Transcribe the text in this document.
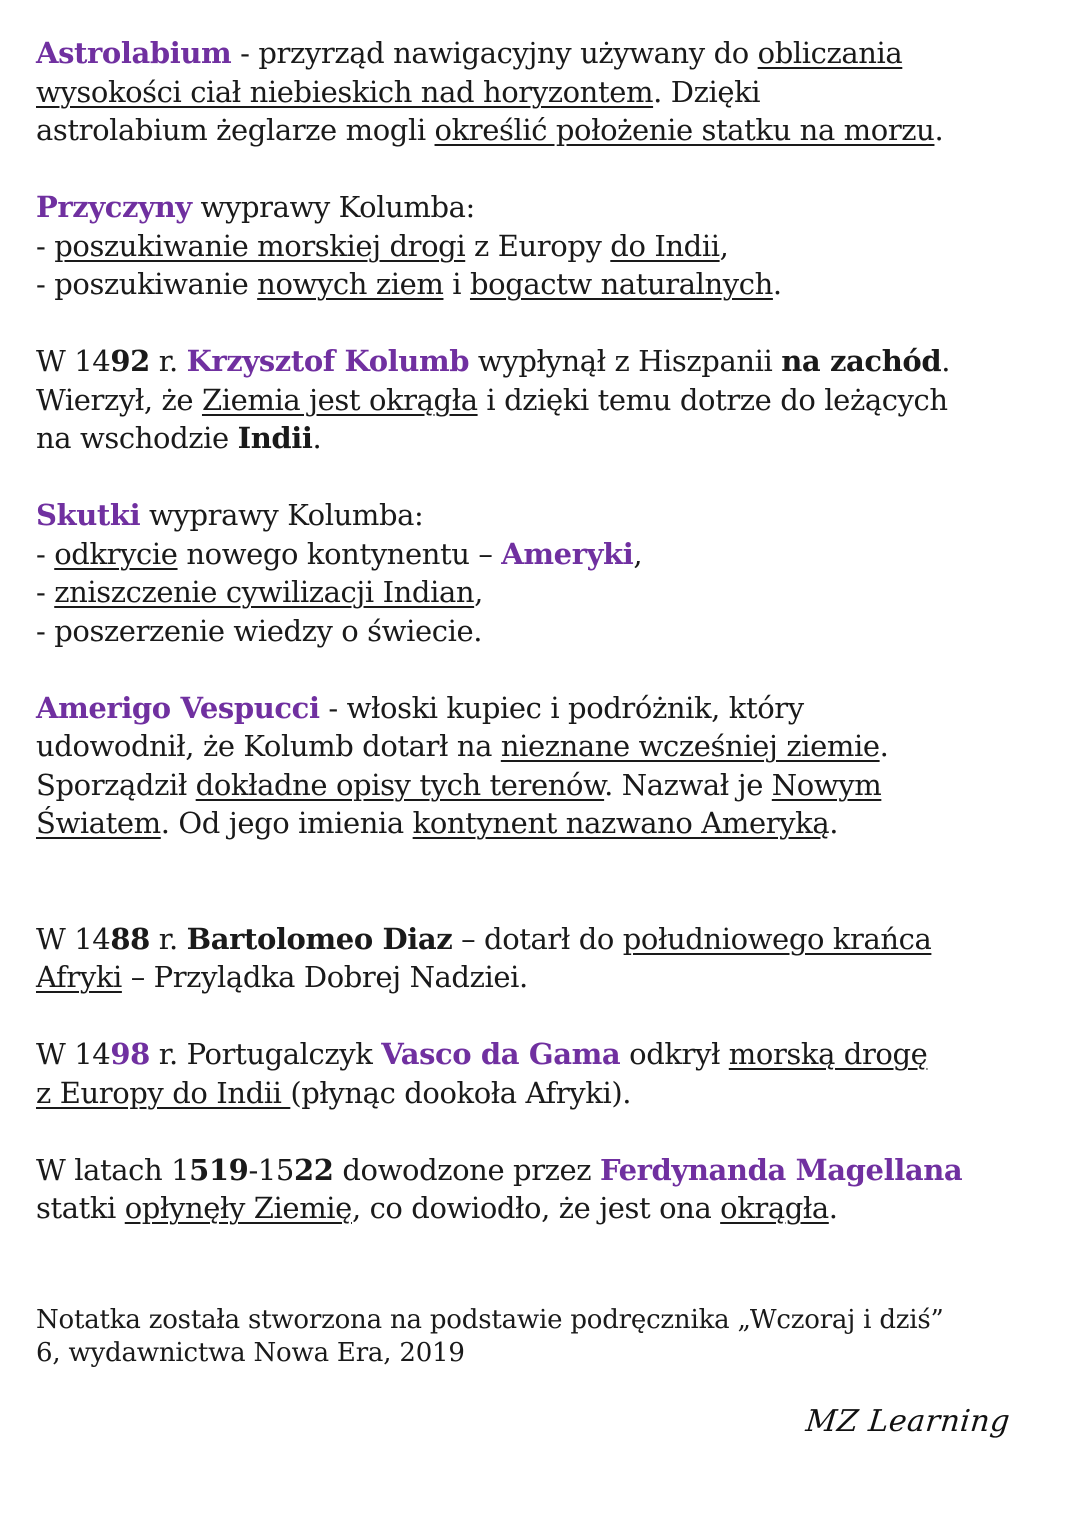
Astrolabium - przyrząd nawigacyjny używany do obliczania
wysokości ciał niebieskich nad horyzontem. Dzięki
astrolabium żeglarze mogli określić położenie statku na morzu.
Przyczyny wyprawy Kolumba:
- poszukiwanie morskiej drogi z Europy do Indii,
- poszukiwanie nowych ziem i bogactw naturalnych.
W 1492 r. Krzysztof Kolumb wypłynął z Hiszpanii na zachód.
Wierzył, że Ziemia jest okrągła i dzięki temu dotrze do leżących
na wschodzie Indii.
Skutki wyprawy Kolumba:
- odkrycie nowego kontynentu – Ameryki,
- zniszczenie cywilizacji Indian,
- poszerzenie wiedzy o świecie.
Amerigo Vespucci - włoski kupiec i podróżnik, który
udowodnił, że Kolumb dotarł na nieznane wcześniej ziemie.
Sporządził dokładne opisy tych terenów. Nazwał je Nowym
Światem. Od jego imienia kontynent nazwano Ameryką.
W 1488 r. Bartolomeo Diaz – dotarł do południowego krańca
Afryki – Przylądka Dobrej Nadziei.
W 1498 r. Portugalczyk Vasco da Gama odkrył morską drogę
z Europy do Indii (płynąc dookoła Afryki).
W latach 1519-1522 dowodzone przez Ferdynanda Magellana
statki opłynęły Ziemię, co dowiodło, że jest ona okrągła.
Notatka została stworzona na podstawie podręcznika „Wczoraj i dziś”
6, wydawnictwa Nowa Era, 2019
MZ Learning
